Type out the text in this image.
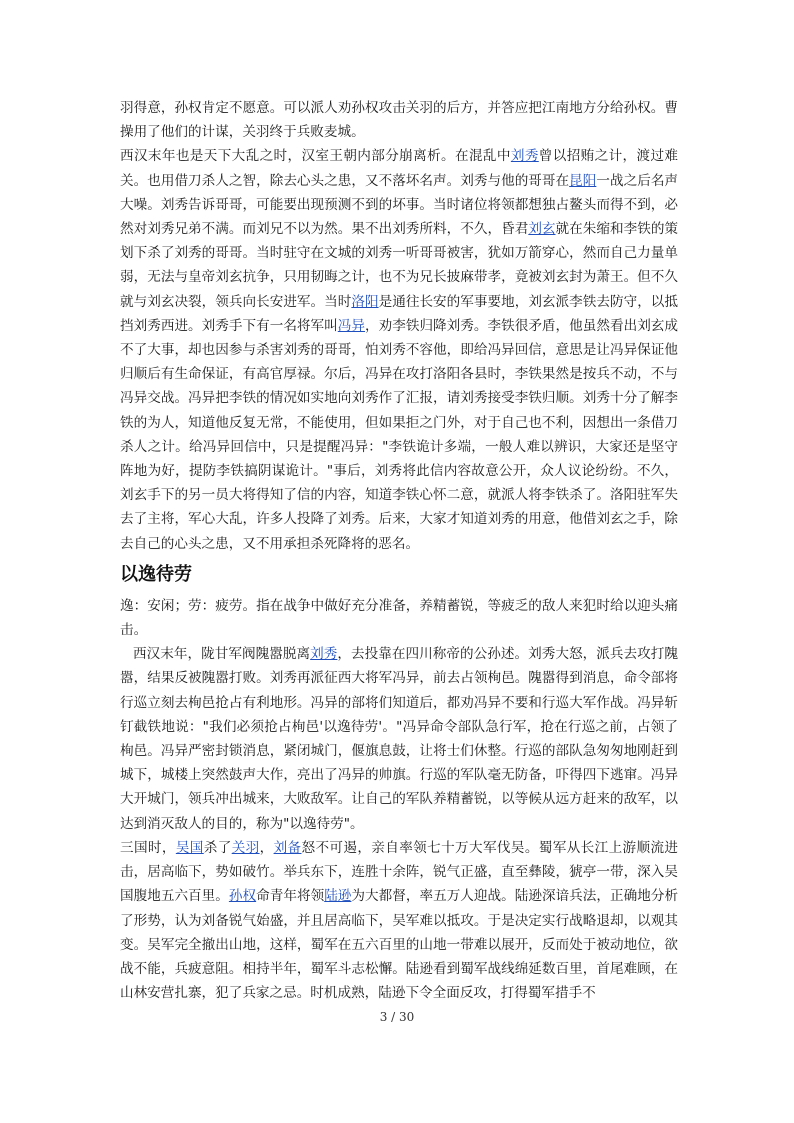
羽得意，孙权肯定不愿意。可以派人劝孙权攻击关羽的后方，并答应把江南地方分给孙权。曹操用了他们的计谋，关羽终于兵败麦城。

西汉末年也是天下大乱之时，汉室王朝内部分崩离析。在混乱中刘秀曾以招贿之计，渡过难关。也用借刀杀人之智，除去心头之患，又不落坏名声。刘秀与他的哥哥在昆阳一战之后名声大噪。刘秀告诉哥哥，可能要出现预测不到的坏事。当时诸位将领都想独占鳌头而得不到，必然对刘秀兄弟不满。而刘兄不以为然。果不出刘秀所料，不久，昏君刘玄就在朱缩和李铁的策划下杀了刘秀的哥哥。当时驻守在文城的刘秀一听哥哥被害，犹如万箭穿心，然而自己力量单弱，无法与皇帝刘玄抗争，只用韧晦之计，也不为兄长披麻带孝，竟被刘玄封为萧王。但不久就与刘玄决裂，领兵向长安进军。当时洛阳是通往长安的军事要地，刘玄派李铁去防守，以抵挡刘秀西进。刘秀手下有一名将军叫冯异，劝李铁归降刘秀。李铁很矛盾，他虽然看出刘玄成不了大事，却也因参与杀害刘秀的哥哥，怕刘秀不容他，即给冯异回信，意思是让冯异保证他归顺后有生命保证，有高官厚禄。尔后，冯异在攻打洛阳各县时，李铁果然是按兵不动，不与冯异交战。冯异把李铁的情况如实地向刘秀作了汇报，请刘秀接受李铁归顺。刘秀十分了解李铁的为人，知道他反复无常，不能使用，但如果拒之门外，对于自己也不利，因想出一条借刀杀人之计。给冯异回信中，只是提醒冯异："李铁诡计多端，一般人难以辨识，大家还是坚守阵地为好，提防李铁搞阴谋诡计。"事后，刘秀将此信内容故意公开，众人议论纷纷。不久，刘玄手下的另一员大将得知了信的内容，知道李铁心怀二意，就派人将李铁杀了。洛阳驻军失去了主将，军心大乱，许多人投降了刘秀。后来，大家才知道刘秀的用意，他借刘玄之手，除去自己的心头之患，又不用承担杀死降将的恶名。

以逸待劳

逸：安闲；劳：疲劳。指在战争中做好充分准备，养精蓄锐，等疲乏的敌人来犯时给以迎头痛击。

西汉末年，陇甘军阀隗嚣脱离刘秀，去投靠在四川称帝的公孙述。刘秀大怒，派兵去攻打隗嚣，结果反被隗嚣打败。刘秀再派征西大将军冯异，前去占领栒邑。隗嚣得到消息，命令部将行巡立刻去栒邑抢占有利地形。冯异的部将们知道后，都劝冯异不要和行巡大军作战。冯异斩钉截铁地说："我们必须抢占栒邑'以逸待劳'。"冯异命令部队急行军，抢在行巡之前，占领了栒邑。冯异严密封锁消息，紧闭城门，偃旗息鼓，让将士们休整。行巡的部队急匆匆地刚赶到城下，城楼上突然鼓声大作，亮出了冯异的帅旗。行巡的军队毫无防备，吓得四下逃窜。冯异大开城门，领兵冲出城来，大败敌军。让自己的军队养精蓄锐，以等候从远方赶来的敌军，以达到消灭敌人的目的，称为"以逸待劳"。

三国时，吴国杀了关羽，刘备怒不可遏，亲自率领七十万大军伐吴。蜀军从长江上游顺流进击，居高临下，势如破竹。举兵东下，连胜十余阵，锐气正盛，直至彝陵，猇亭一带，深入吴国腹地五六百里。孙权命青年将领陆逊为大都督，率五万人迎战。陆逊深谙兵法，正确地分析了形势，认为刘备锐气始盛，并且居高临下，吴军难以抵攻。于是决定实行战略退却，以观其变。吴军完全撤出山地，这样，蜀军在五六百里的山地一带难以展开，反而处于被动地位，欲战不能，兵疲意阻。相持半年，蜀军斗志松懈。陆逊看到蜀军战线绵延数百里，首尾难顾，在山林安营扎寨，犯了兵家之忌。时机成熟，陆逊下令全面反攻，打得蜀军措手不

3 / 30
